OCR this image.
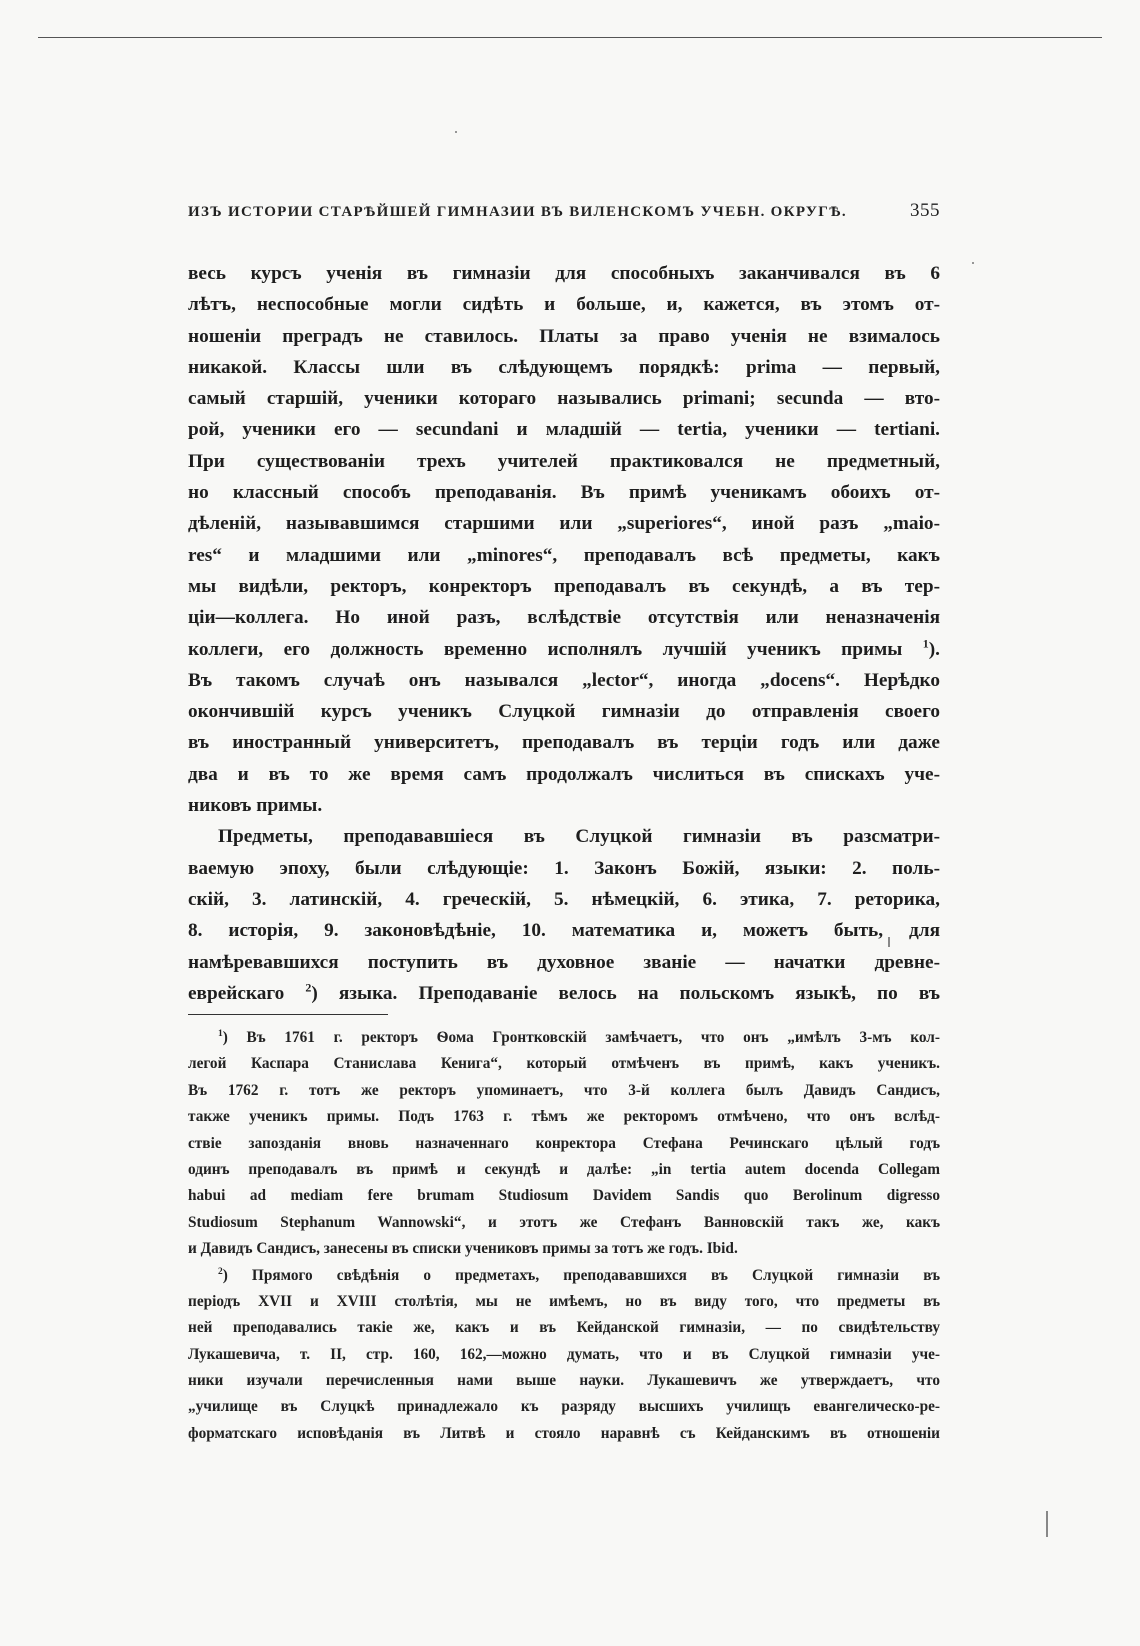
ИЗЪ ИСТОРИИ СТАРѢЙШЕЙ ГИМНАЗИИ ВЪ ВИЛЕНСКОМЪ УЧЕБН. ОКРУГѢ.	355
весь курсъ ученія въ гимназіи для способныхъ заканчивался въ 6
лѣтъ, неспособные могли сидѣть и больше, и, кажется, въ этомъ от-
ношеніи преградъ не ставилось. Платы за право ученія не взималось
никакой. Классы шли въ слѣдующемъ порядкѣ: prima — первый,
самый старшій, ученики котораго назывались primani; secunda — вто-
рой, ученики его — secundani и младшій — tertia, ученики — tertiani.
При существованіи трехъ учителей практиковался не предметный,
но классный способъ преподаванія. Въ примѣ ученикамъ обоихъ от-
дѣленій, называвшимся старшими или „superiores“, иной разъ „maio-
res“ и младшими или „minores“, преподавалъ всѣ предметы, какъ
мы видѣли, ректоръ, конректоръ преподавалъ въ секундѣ, а въ тер-
ціи—коллега. Но иной разъ, вслѣдствіе отсутствія или неназначенія
коллеги, его должность временно исполнялъ лучшій ученикъ примы $^1$).
Въ такомъ случаѣ онъ назывался „lector“, иногда „docens“. Нерѣдко
окончившій курсъ ученикъ Слуцкой гимназіи до отправленія своего
въ иностранный университетъ, преподавалъ въ терціи годъ или даже
два и въ то же время самъ продолжалъ числиться въ спискахъ уче-
никовъ примы.
Предметы, преподававшіеся въ Слуцкой гимназіи въ разсматри-
ваемую эпоху, были слѣдующіе: 1. Законъ Божій, языки: 2. поль-
скій, 3. латинскій, 4. греческій, 5. нѣмецкій, 6. этика, 7. реторика,
8. исторія, 9. законовѣдѣніе, 10. математика и, можетъ быть, для
намѣревавшихся поступить въ духовное званіе — начатки древне-
еврейскаго $^2$) языка. Преподаваніе велось на польскомъ языкѣ, по въ
$^1$) Въ 1761 г. ректоръ Ѳома Гронтковскій замѣчаетъ, что онъ „имѣлъ 3-мъ кол-
легой Каспара Станислава Кенига“, который отмѣченъ въ примѣ, какъ ученикъ.
Въ 1762 г. тотъ же ректоръ упоминаетъ, что 3-й коллега былъ Давидъ Сандисъ,
также ученикъ примы. Подъ 1763 г. тѣмъ же ректоромъ отмѣчено, что онъ вслѣд-
ствіе запозданія вновь назначеннаго конректора Стефана Речинскаго цѣлый годъ
одинъ преподавалъ въ примѣ и секундѣ и далѣе: „in tertia autem docenda Collegam
habui ad mediam fere brumam Studiosum Davidem Sandis quo Berolinum digresso
Studiosum Stephanum Wannowski“, и этотъ же Стефанъ Ванновскій такъ же, какъ
и Давидъ Сандисъ, занесены въ списки учениковъ примы за тотъ же годъ. Ibid.
$^2$) Прямого свѣдѣнія о предметахъ, преподававшихся въ Слуцкой гимназіи въ
періодъ XVII и XVIII столѣтія, мы не имѣемъ, но въ виду того, что предметы въ
ней преподавались такіе же, какъ и въ Кейданской гимназіи, — по свидѣтельству
Лукашевича, т. II, стр. 160, 162,—можно думать, что и въ Слуцкой гимназіи уче-
ники изучали перечисленныя нами выше науки. Лукашевичъ же утверждаетъ, что
„училище въ Слуцкѣ принадлежало къ разряду высшихъ училищъ евангелическо-ре-
форматскаго исповѣданія въ Литвѣ и стояло наравнѣ съ Кейданскимъ въ отношеніи
